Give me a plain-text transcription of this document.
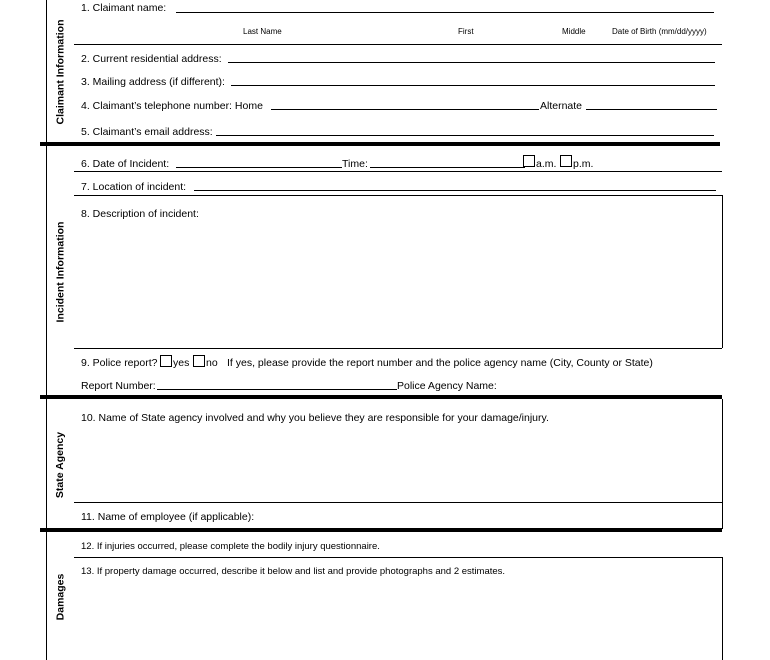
Claimant Information
1. Claimant name:
Last Name	First	Middle	Date of Birth (mm/dd/yyyy)
2. Current residential address:
3. Mailing address (if different):
4. Claimant’s telephone number: Home	Alternate
5. Claimant’s email address:
Incident Information
6. Date of Incident:	Time:	a.m. p.m.
7. Location of incident:
8. Description of incident:
9. Police report? yes no If yes, please provide the report number and the police agency name (City, County or State)
Report Number:	Police Agency Name:
State Agency
10. Name of State agency involved and why you believe they are responsible for your damage/injury.
11. Name of employee (if applicable):
Damages
12. If injuries occurred, please complete the bodily injury questionnaire.
13. If property damage occurred, describe it below and list and provide photographs and 2 estimates.
